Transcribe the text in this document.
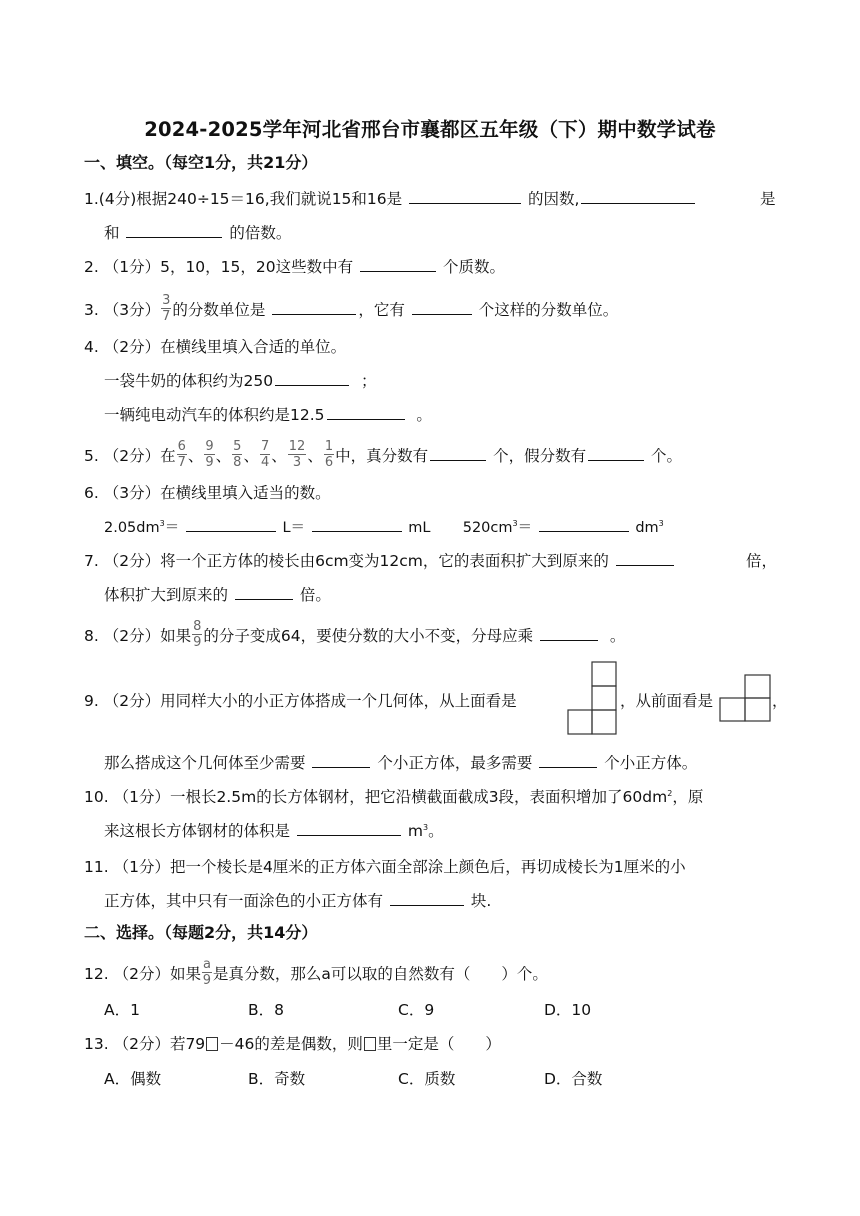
2024-2025学年河北省邢台市襄都区五年级（下）期中数学试卷
一、填空。（每空1分，共21分）
1.(4分)根据240÷15＝16,我们就说15和16是	的因数,	是
和	的倍数。
2. （1分）5，10，15，20这些数中有	个质数。
3. （3分） $\frac{3}{7}$ 的分数单位是	，它有	个这样的分数单位。
4. （2分）在横线里填入合适的单位。
一袋牛奶的体积约为250	；
一辆纯电动汽车的体积约是12.5	。
5. （2分）在 $\frac{6}{7}$ 、 $\frac{9}{9}$ 、 $\frac{5}{8}$ 、 $\frac{7}{4}$ 、 $\frac{12}{3}$ 、 $\frac{1}{6}$ 中，真分数有	个，假分数有	个。
6. （3分）在横线里填入适当的数。
$2.05dm^3=$	L＝	mL $520cm^3=$	$dm^3$
7. （2分）将一个正方体的棱长由6cm变为12cm，它的表面积扩大到原来的	倍，
体积扩大到原来的	倍。
8. （2分）如果 $\frac{8}{9}$ 的分子变成64，要使分数的大小不变，分母应乘	。
9. （2分）用同样大小的小正方体搭成一个几何体，从上面看是	，从前面看是	，
那么搭成这个几何体至少需要	个小正方体，最多需要	个小正方体。
10. （1分）一根长2.5m的长方体钢材，把它沿横截面截成3段，表面积增加了$60dm^2$，原
来这根长方体钢材的体积是	$m^3$。
11. （1分）把一个棱长是4厘米的正方体六面全部涂上颜色后，再切成棱长为1厘米的小
正方体，其中只有一面涂色的小正方体有	块.
二、选择。（每题2分，共14分）
12. （2分）如果 $\frac{a}{9}$ 是真分数，那么a可以取的自然数有（　　）个。
A．1	B．8	C．9	D．10
13. （2分）若79 －46的差是偶数，则 里一定是（　　）
A．偶数	B．奇数	C．质数	D．合数
